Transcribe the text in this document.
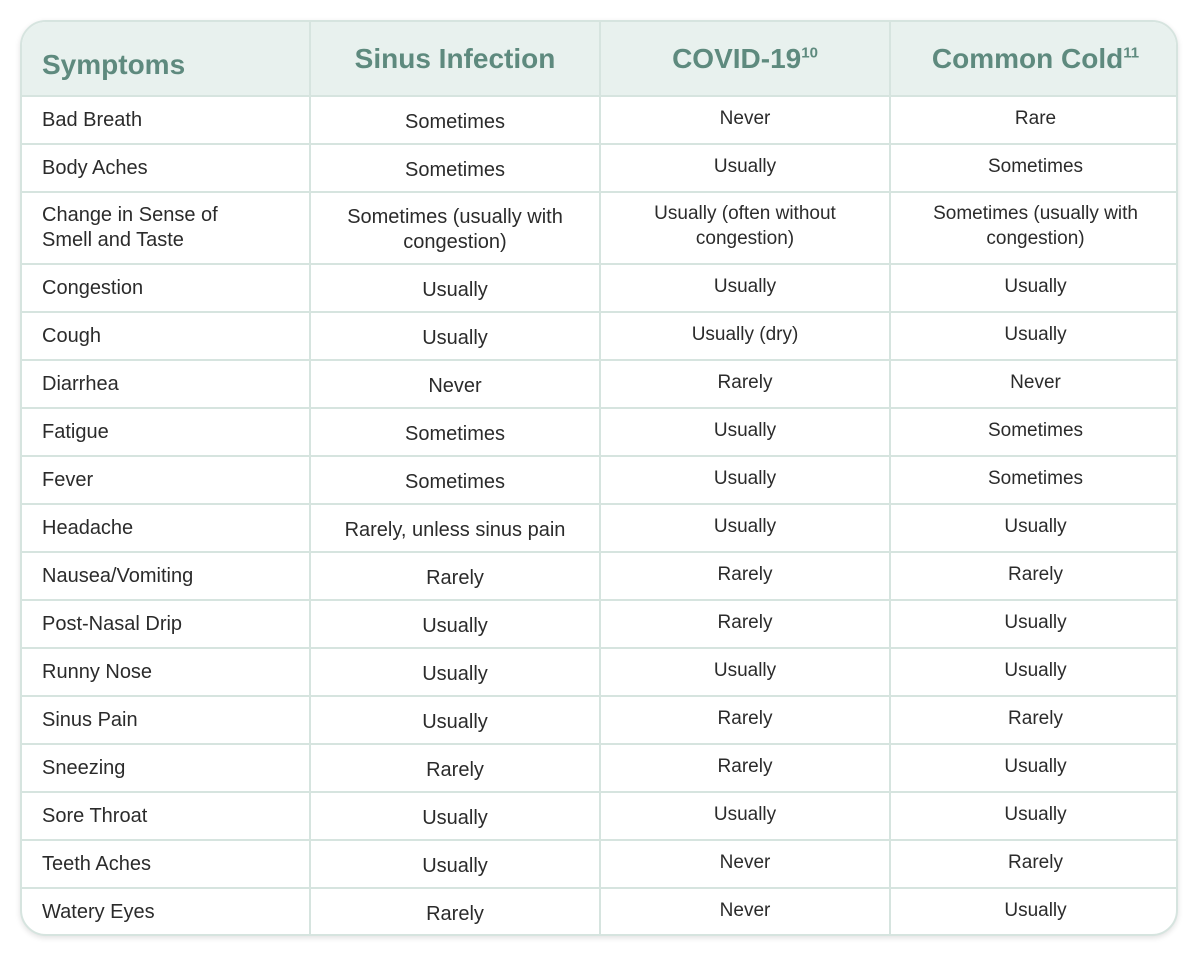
Symptoms	Sinus Infection	COVID-$19^{10}$	Common Cold$^{11}$
Bad Breath	Sometimes	Never	Rare
Body Aches	Sometimes	Usually	Sometimes
Change in Sense of Smell and Taste	Sometimes (usually with congestion)	Usually (often without congestion)	Sometimes (usually with congestion)
Congestion	Usually	Usually	Usually
Cough	Usually	Usually (dry)	Usually
Diarrhea	Never	Rarely	Never
Fatigue	Sometimes	Usually	Sometimes
Fever	Sometimes	Usually	Sometimes
Headache	Rarely, unless sinus pain	Usually	Usually
Nausea/Vomiting	Rarely	Rarely	Rarely
Post-Nasal Drip	Usually	Rarely	Usually
Runny Nose	Usually	Usually	Usually
Sinus Pain	Usually	Rarely	Rarely
Sneezing	Rarely	Rarely	Usually
Sore Throat	Usually	Usually	Usually
Teeth Aches	Usually	Never	Rarely
Watery Eyes	Rarely	Never	Usually
